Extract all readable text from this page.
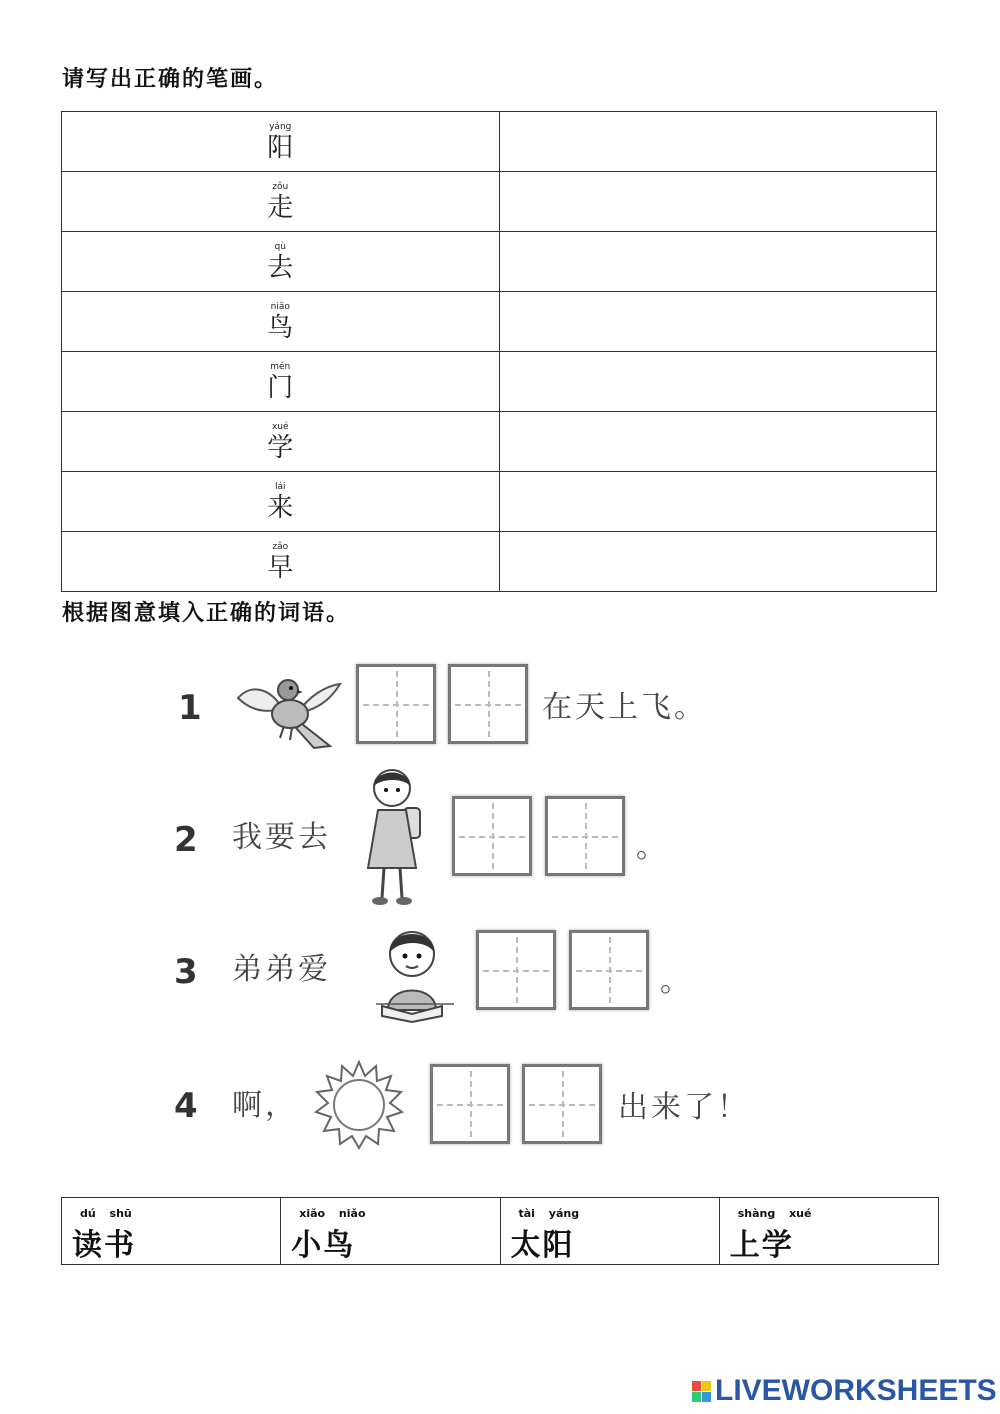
请写出正确的笔画。
yáng
阳	

zǒu
走	

qù
去	

niǎo
鸟	

mén
门	

xué
学	

lái
来	

zǎo
早	

根据图意填入正确的词语。
1	在天上飞。
2 我要去	。
3 弟弟爱	。
4 啊，	出来了！
dú shū
读书
xiǎo niǎo
小鸟
tài yáng
太阳
shàng xué
上学
LIVEWORKSHEETS
